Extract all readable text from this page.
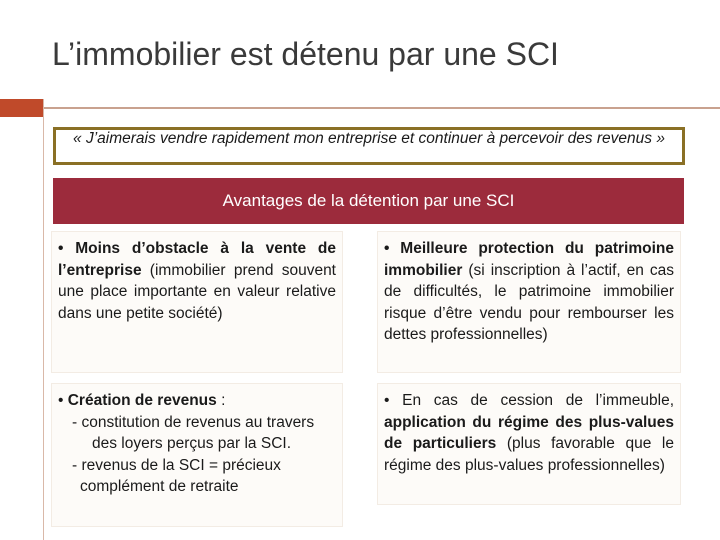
L’immobilier est détenu par une SCI
« J’aimerais vendre rapidement mon entreprise et continuer à percevoir des revenus »
Avantages de la détention par une SCI
• Moins d’obstacle à la vente de l’entreprise (immobilier prend souvent une place importante en valeur relative dans une petite société)
• Meilleure protection du patrimoine immobilier (si inscription à l’actif, en cas de difficultés, le patrimoine immobilier risque d’être vendu pour rembourser les dettes professionnelles)
• Création de revenus :
- constitution de revenus au travers
des loyers perçus par la SCI.
- revenus de la SCI = précieux
complément de retraite
• En cas de cession de l’immeuble, application du régime des plus-values de particuliers (plus favorable que le régime des plus-values professionnelles)
